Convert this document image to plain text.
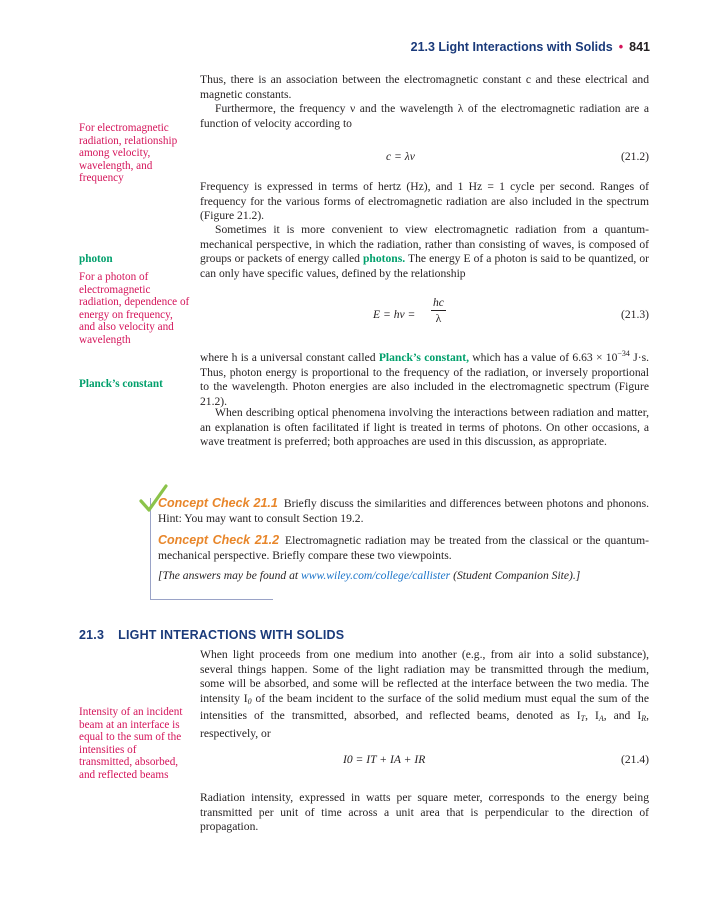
21.3 Light Interactions with Solids • 841

Thus, there is an association between the electromagnetic constant c and these electrical and magnetic constants.

Furthermore, the frequency ν and the wavelength λ of the electromagnetic radiation are a function of velocity according to

For electromagnetic radiation, relationship among velocity, wavelength, and frequency

c = λν	(21.2)

Frequency is expressed in terms of hertz (Hz), and 1 Hz = 1 cycle per second. Ranges of frequency for the various forms of electromagnetic radiation are also included in the spectrum (Figure 21.2).

Sometimes it is more convenient to view electromagnetic radiation from a quantum-mechanical perspective, in which the radiation, rather than consisting of waves, is composed of groups or packets of energy called photons. The energy E of a photon is said to be quantized, or can only have specific values, defined by the relationship

photon

For a photon of electromagnetic radiation, dependence of energy on frequency, and also velocity and wavelength

$E = h\nu = \frac{hc}{\lambda}$	(21.3)

where h is a universal constant called Planck’s constant, which has a value of $6.63 \times 10^{-34}$ J·s. Thus, photon energy is proportional to the frequency of the radiation, or inversely proportional to the wavelength. Photon energies are also included in the electromagnetic spectrum (Figure 21.2).

Planck’s constant

When describing optical phenomena involving the interactions between radiation and matter, an explanation is often facilitated if light is treated in terms of photons. On other occasions, a wave treatment is preferred; both approaches are used in this discussion, as appropriate.

Concept Check 21.1 Briefly discuss the similarities and differences between photons and phonons. Hint: You may want to consult Section 19.2.

Concept Check 21.2 Electromagnetic radiation may be treated from the classical or the quantum-mechanical perspective. Briefly compare these two viewpoints.

[The answers may be found at www.wiley.com/college/callister (Student Companion Site).]

21.3 LIGHT INTERACTIONS WITH SOLIDS

When light proceeds from one medium into another (e.g., from air into a solid substance), several things happen. Some of the light radiation may be transmitted through the medium, some will be absorbed, and some will be reflected at the interface between the two media. The intensity $I_0$ of the beam incident to the surface of the solid medium must equal the sum of the intensities of the transmitted, absorbed, and reflected beams, denoted as $I_T$, $I_A$, and $I_R$, respectively, or

Intensity of an incident beam at an interface is equal to the sum of the intensities of transmitted, absorbed, and reflected beams

I0 = IT + IA + IR	(21.4)

Radiation intensity, expressed in watts per square meter, corresponds to the energy being transmitted per unit of time across a unit area that is perpendicular to the direction of propagation.
